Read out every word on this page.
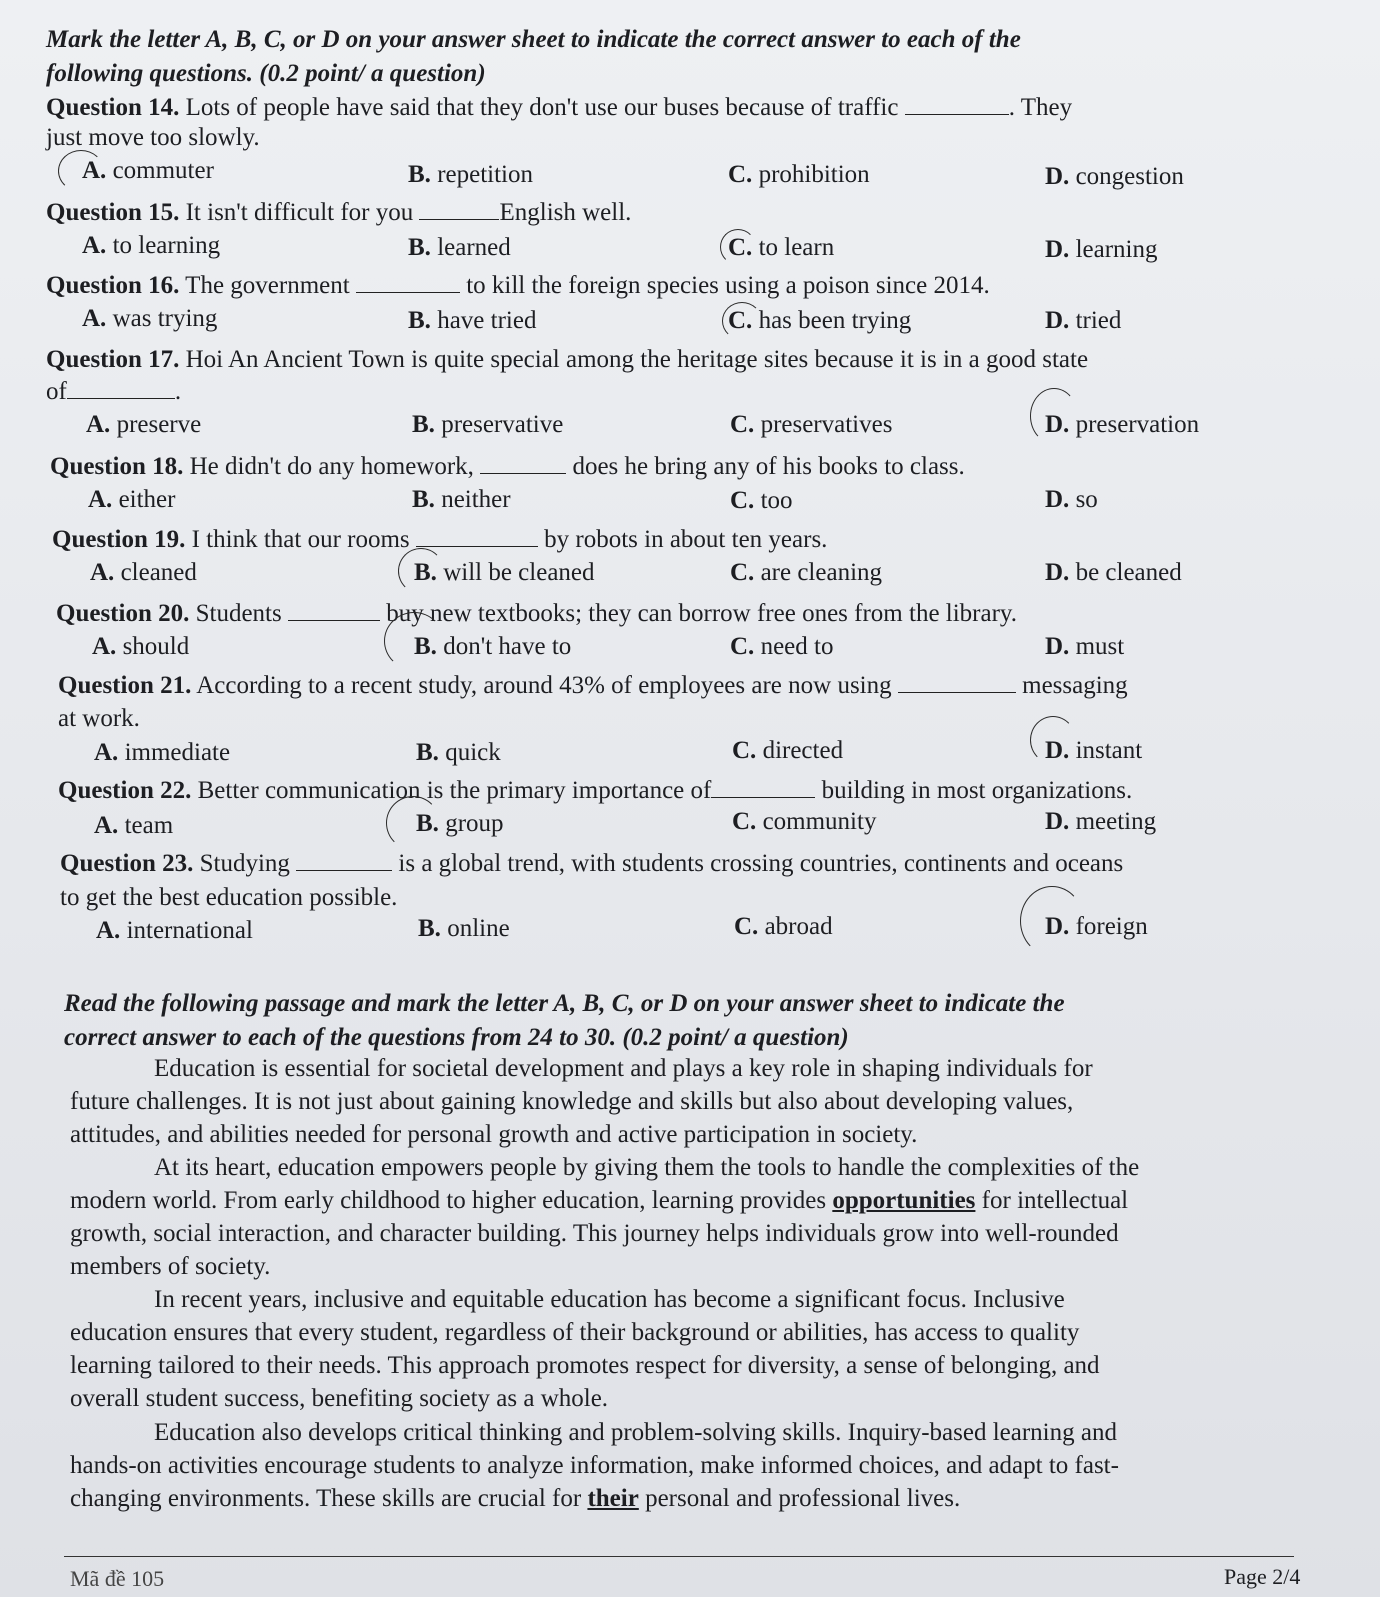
Mark the letter A, B, C, or D on your answer sheet to indicate the correct answer to each of the
following questions. (0.2 point/ a question)
Question 14. Lots of people have said that they don't use our buses because of traffic	. They
just move too slowly.
A. commuter	B. repetition	C. prohibition	D. congestion
Question 15. It isn't difficult for you	English well.
A. to learning	B. learned	C. to learn	D. learning
Question 16. The government	to kill the foreign species using a poison since 2014.
A. was trying	B. have tried	C. has been trying	D. tried
Question 17. Hoi An Ancient Town is quite special among the heritage sites because it is in a good state
of	.
A. preserve	B. preservative	C. preservatives	D. preservation
Question 18. He didn't do any homework,	does he bring any of his books to class.
A. either	B. neither	C. too	D. so
Question 19. I think that our rooms	by robots in about ten years.
A. cleaned	B. will be cleaned	C. are cleaning	D. be cleaned
Question 20. Students	buy new textbooks; they can borrow free ones from the library.
A. should	B. don't have to	C. need to	D. must
Question 21. According to a recent study, around 43% of employees are now using	messaging
at work.
A. immediate	B. quick	C. directed	D. instant
Question 22. Better communication is the primary importance of	building in most organizations.
A. team	B. group	C. community	D. meeting
Question 23. Studying	is a global trend, with students crossing countries, continents and oceans
to get the best education possible.
A. international	B. online	C. abroad	D. foreign
Read the following passage and mark the letter A, B, C, or D on your answer sheet to indicate the
correct answer to each of the questions from 24 to 30. (0.2 point/ a question)
Education is essential for societal development and plays a key role in shaping individuals for
future challenges. It is not just about gaining knowledge and skills but also about developing values,
attitudes, and abilities needed for personal growth and active participation in society.
At its heart, education empowers people by giving them the tools to handle the complexities of the
modern world. From early childhood to higher education, learning provides opportunities for intellectual
growth, social interaction, and character building. This journey helps individuals grow into well-rounded
members of society.
In recent years, inclusive and equitable education has become a significant focus. Inclusive
education ensures that every student, regardless of their background or abilities, has access to quality
learning tailored to their needs. This approach promotes respect for diversity, a sense of belonging, and
overall student success, benefiting society as a whole.
Education also develops critical thinking and problem-solving skills. Inquiry-based learning and
hands-on activities encourage students to analyze information, make informed choices, and adapt to fast-
changing environments. These skills are crucial for their personal and professional lives.
Mã đề 105	Page 2/4
